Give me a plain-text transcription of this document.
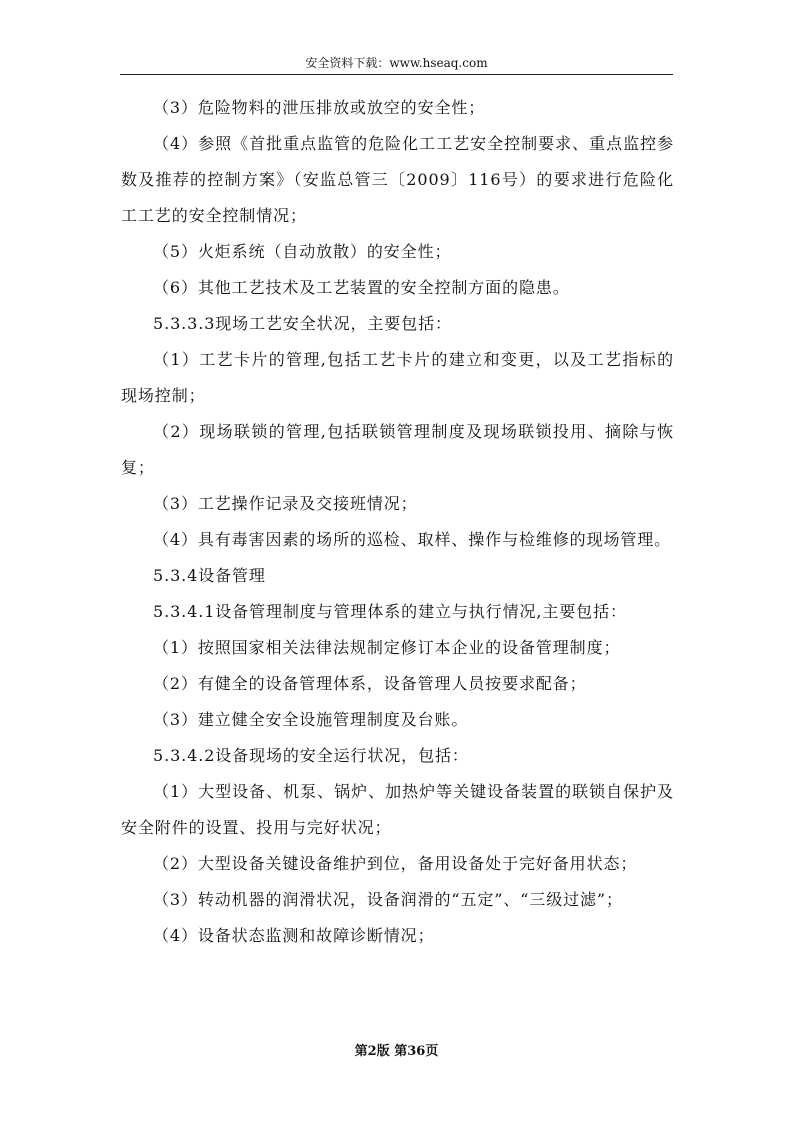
安全资料下载：www.hseaq.com

（3）危险物料的泄压排放或放空的安全性；

（4）参照《首批重点监管的危险化工工艺安全控制要求、重点监控参数及推荐的控制方案》（安监总管三〔2009〕116号）的要求进行危险化工工艺的安全控制情况；

（5）火炬系统（自动放散）的安全性；

（6）其他工艺技术及工艺装置的安全控制方面的隐患。

5.3.3.3现场工艺安全状况，主要包括：

（1）工艺卡片的管理,包括工艺卡片的建立和变更，以及工艺指标的现场控制；

（2）现场联锁的管理,包括联锁管理制度及现场联锁投用、摘除与恢复；

（3）工艺操作记录及交接班情况；

（4）具有毒害因素的场所的巡检、取样、操作与检维修的现场管理。

5.3.4设备管理

5.3.4.1设备管理制度与管理体系的建立与执行情况,主要包括：

（1）按照国家相关法律法规制定修订本企业的设备管理制度；

（2）有健全的设备管理体系，设备管理人员按要求配备；

（3）建立健全安全设施管理制度及台账。

5.3.4.2设备现场的安全运行状况，包括：

（1）大型设备、机泵、锅炉、加热炉等关键设备装置的联锁自保护及安全附件的设置、投用与完好状况；

（2）大型设备关键设备维护到位，备用设备处于完好备用状态；

（3）转动机器的润滑状况，设备润滑的“五定”、“三级过滤”；

（4）设备状态监测和故障诊断情况；

第2版 第36页
